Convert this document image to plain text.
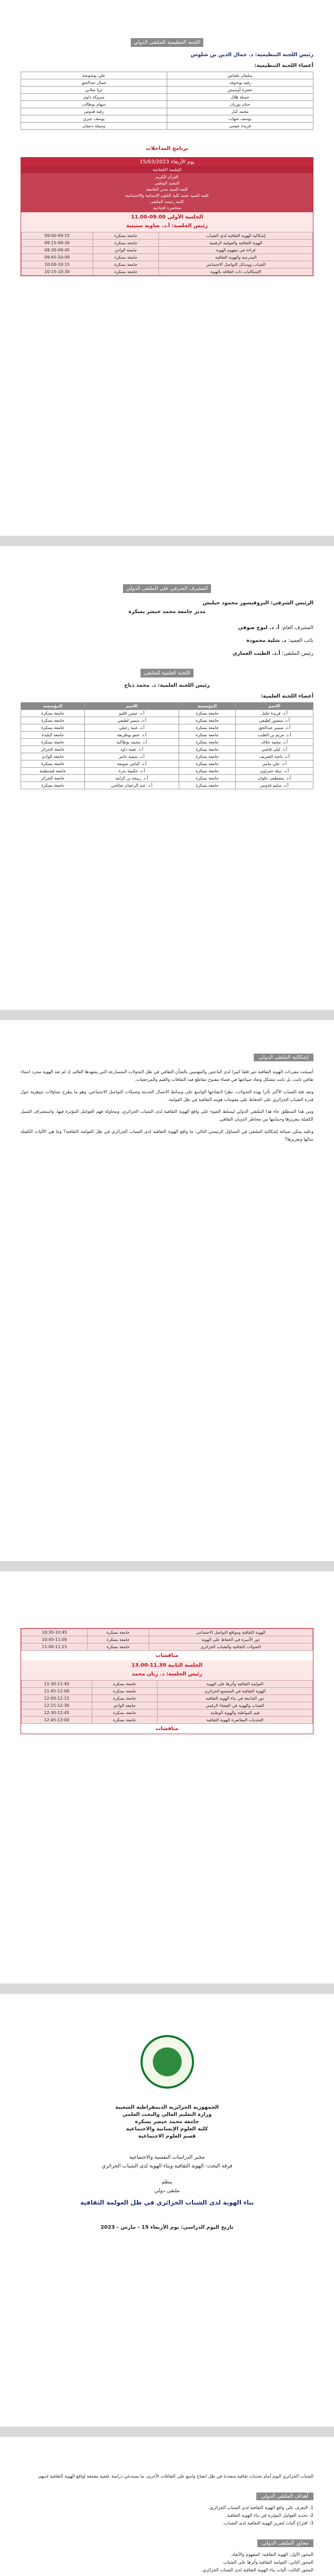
اللجنة التنظيمية للملتقى الدولي
رئيس اللجنة التنظيمية: د. جمال الدين بن شلوش
أعضاء اللجنة التنظيمية:
سلمان بلعباس	علي بوشوشة
رقية بوخنوف	جمال عبدالحق
خضرة أوشيش	ثريا شلابي
جميلة هلال	مبروكة ذاوي
حنان بوزيان	سهام بوطالب
محمد كبار	رقية قدوس
يوسف شهاب	يوسف حيزي
فريدة عيسى	وسيلة دحمان
برنامج المداخلات
يوم الأربعاء 15/03/2023
الجلسة الافتتاحية
القرآن الكريم
النشيد الوطني
كلمة السيد مدير الجامعة
كلمة السيد عميد كلية العلوم الإنسانية والاجتماعية
كلمة رئيسة الملتقى
محاضرة افتتاحية
الجلسة الأولى 09.00-11.00
رئيس الجلسة: أ.د. صاوية ستيتية
إشكالية الهوية الثقافية لدى الشباب	جامعة بسكرة	09:00-09:15
الهوية الثقافية والعولمة الرقمية	جامعة بسكرة	09:15-09:30
قراءة في مفهوم الهوية	جامعة الوادي	09:30-09:45
المدرسة والهوية الثقافية	جامعة بسكرة	09:45-10:00
الشباب ووسائل التواصل الاجتماعي	جامعة بسكرة	10:00-10:15
الإشكاليات ذات العلاقة بالهوية	جامعة بسكرة	10:15-10:30
المشرف الشرفي على الملتقى الدولي
الرئيس الشرفي: البروفيسور محمود حيليش
مدير جامعة محمد خيضر بسكرة
المشرف العام: أ. د. لبوخ صوفي
نائب العميد: د. شلية محمودة
رئيس الملتقى: أ.د. الطيب العماري
اللجنة العلمية للملتقى
رئيس اللجنة العلمية: د. محمد ذباح
أعضاء اللجنة العلمية:
الاسم	المؤسسة	الاسم	المؤسسة
أ.د. فريدة خليل	جامعة بسكرة	أ.د. حسن اقليو	جامعة بسكرة
أ.د. منصور لطيفي	جامعة بسكرة	أ.د. سمير لطيفي	جامعة بسكرة
أ.د. سمير عبدالحق	جامعة بسكرة	أ.د. غنية زحيلي	جامعة بسكرة
أ.د. مريم بن الطيب	جامعة بسكرة	أ.د. حمو بوظريفة	جامعة البليدة
أ.د. محمد حلاف	جامعة بسكرة	أ.د. محمد بوطاكية	جامعة بسكرة
أ.د. ليلى قاضي	جامعة بسكرة	أ.د. نعمة داود	جامعة الجزائر
أ.د. ناجية الشريف	جامعة بسكرة	أ.د. سمية عامر	جامعة الوادي
أ.د. علي مامي	جامعة بسكرة	أ.د. الياس شويمة	جامعة بسكرة
أ.د. نبيلة حمزاوي	جامعة بسكرة	أ.د. حكيمة بدرة	جامعة قسنطينة
أ.د. مصطفى علوان	جامعة بسكرة	أ.د. ربيحة بن كرامة	جامعة الجزائر
أ.د. سليم قدوس	جامعة بسكرة	أ.د. عبد الرحمان صالحي	جامعة بسكرة
إشكالية الملتقى الدولي

أصبحت مفردات الهوية الثقافية تثير قلقا كبيرا لدى الباحثين والمهتمين بالشأن الثقافي في ظل التحولات المتسارعة التي يشهدها العالم، إذ لم تعد الهوية مجرد انتماء ثقافي ثابت، بل باتت تتشكل وتعاد صياغتها في فضاء مفتوح تتقاطع فيه الثقافات والقيم والمرجعيات.

وتعد فئة الشباب الأكثر تأثرا بهذه التحولات، نظرا لانفتاحها الواسع على وسائط الاتصال الحديثة وشبكات التواصل الاجتماعي، وهو ما يطرح تساؤلات جوهرية حول قدرة الشباب الجزائري على الحفاظ على مقومات هويته الثقافية في ظل العولمة.

ومن هذا المنطلق جاء هذا الملتقى الدولي ليسلط الضوء على واقع الهوية الثقافية لدى الشباب الجزائري، ومحاولة فهم العوامل المؤثرة فيها، واستشراف السبل الكفيلة بتعزيزها وحمايتها من مخاطر الذوبان الثقافي.

وعليه يمكن صياغة إشكالية الملتقى في التساؤل الرئيسي التالي: ما واقع الهوية الثقافية لدى الشباب الجزائري في ظل العولمة الثقافية؟ وما هي الآليات الكفيلة ببنائها وتعزيزها؟

الهوية الثقافية ومواقع التواصل الاجتماعي	جامعة بسكرة	10:30-10:45
دور الأسرة في الحفاظ على الهوية	جامعة بسكرة	10:45-11:00
التحولات الثقافية والشباب الجزائري	جامعة بسكرة	11:00-11:15
مناقشات
الجلسة الثانية 11.30-13.00
رئيس الجلسة: د. زيان محمد
العولمة الثقافية وأثرها على الهوية	جامعة بسكرة	11:30-11:45
الهوية الثقافية في المجتمع الجزائري	جامعة بسكرة	11:45-12:00
دور الجامعة في بناء الهوية الثقافية	جامعة بسكرة	12:00-12:15
الشباب والهوية في الفضاء الرقمي	جامعة الوادي	12:15-12:30
قيم المواطنة والهوية الوطنية	جامعة بسكرة	12:30-12:45
التحديات المعاصرة للهوية الثقافية	جامعة بسكرة	12:45-13:00
مناقشات
الجمهورية الجزائرية الديمقراطية الشعبية
وزارة التعليم العالي والبحث العلمي
جامعة محمد خيضر بسكرة
كلية العلوم الإنسانية والاجتماعية
قسم العلوم الاجتماعية
مخبر الدراسات النفسية والاجتماعية
فرقة البحث: الهوية الثقافية وبناء الهوية لدى الشباب الجزائري
ينظم
ملتقى دولي
بناء الهوية لدى الشباب الجزائري في ظل العولمة الثقافية
تاريخ اليوم الدراسي: يوم الأربعاء 15 - مارس - 2023
الشباب الجزائري اليوم أمام تحديات ثقافية متعددة في ظل انفتاح واسع على الثقافات الأخرى، ما يستدعي دراسة علمية معمقة لواقع الهوية الثقافية لديهم.
أهداف الملتقى الدولي
1- التعرف على واقع الهوية الثقافية لدى الشباب الجزائري.
2- تحديد العوامل المؤثرة في بناء الهوية الثقافية.
3- اقتراح آليات لتعزيز الهوية الثقافية لدى الشباب.
محاور الملتقى الدولي
المحور الأول: الهوية الثقافية: المفهوم والأبعاد.
المحور الثاني: العولمة الثقافية وأثرها على الشباب.
المحور الثالث: آليات بناء الهوية الثقافية لدى الشباب الجزائري.
